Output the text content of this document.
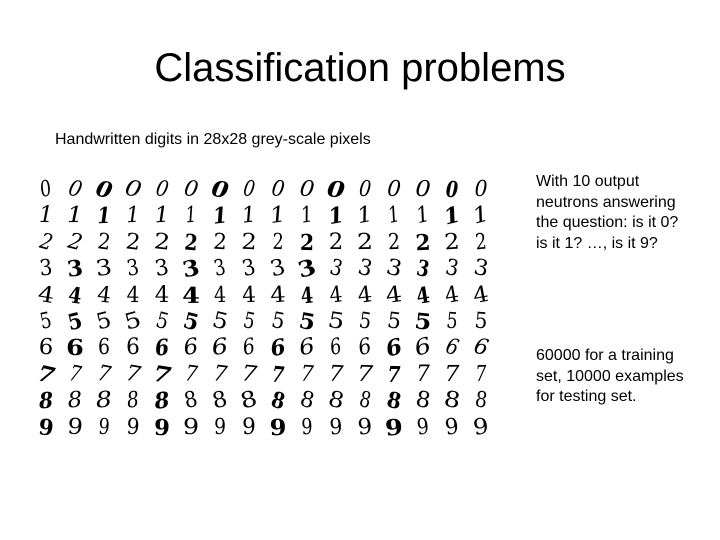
Classification problems
Handwritten digits in 28x28 grey-scale pixels
0 0 0 0 0 0 0 0 0 0 0 0 0 0 0 0
1 1 1 1 1 1 1 1 1 1 1 1 1 1 1 1
2 2 2 2 2 2 2 2 2 2 2 2 2 2 2 2
3 3 3 3 3 3 3 3 3 3 3 3 3 3 3 3
4 4 4 4 4 4 4 4 4 4 4 4 4 4 4 4
5 5 5 5 5 5 5 5 5 5 5 5 5 5 5 5
6 6 6 6 6 6 6 6 6 6 6 6 6 6 6 6
7 7 7 7 7 7 7 7 7 7 7 7 7 7 7 7
8 8 8 8 8 8 8 8 8 8 8 8 8 8 8 8
9 9 9 9 9 9 9 9 9 9 9 9 9 9 9 9
With 10 output neutrons answering the question: is it 0? is it 1? …, is it 9?
60000 for a training set, 10000 examples for testing set.
